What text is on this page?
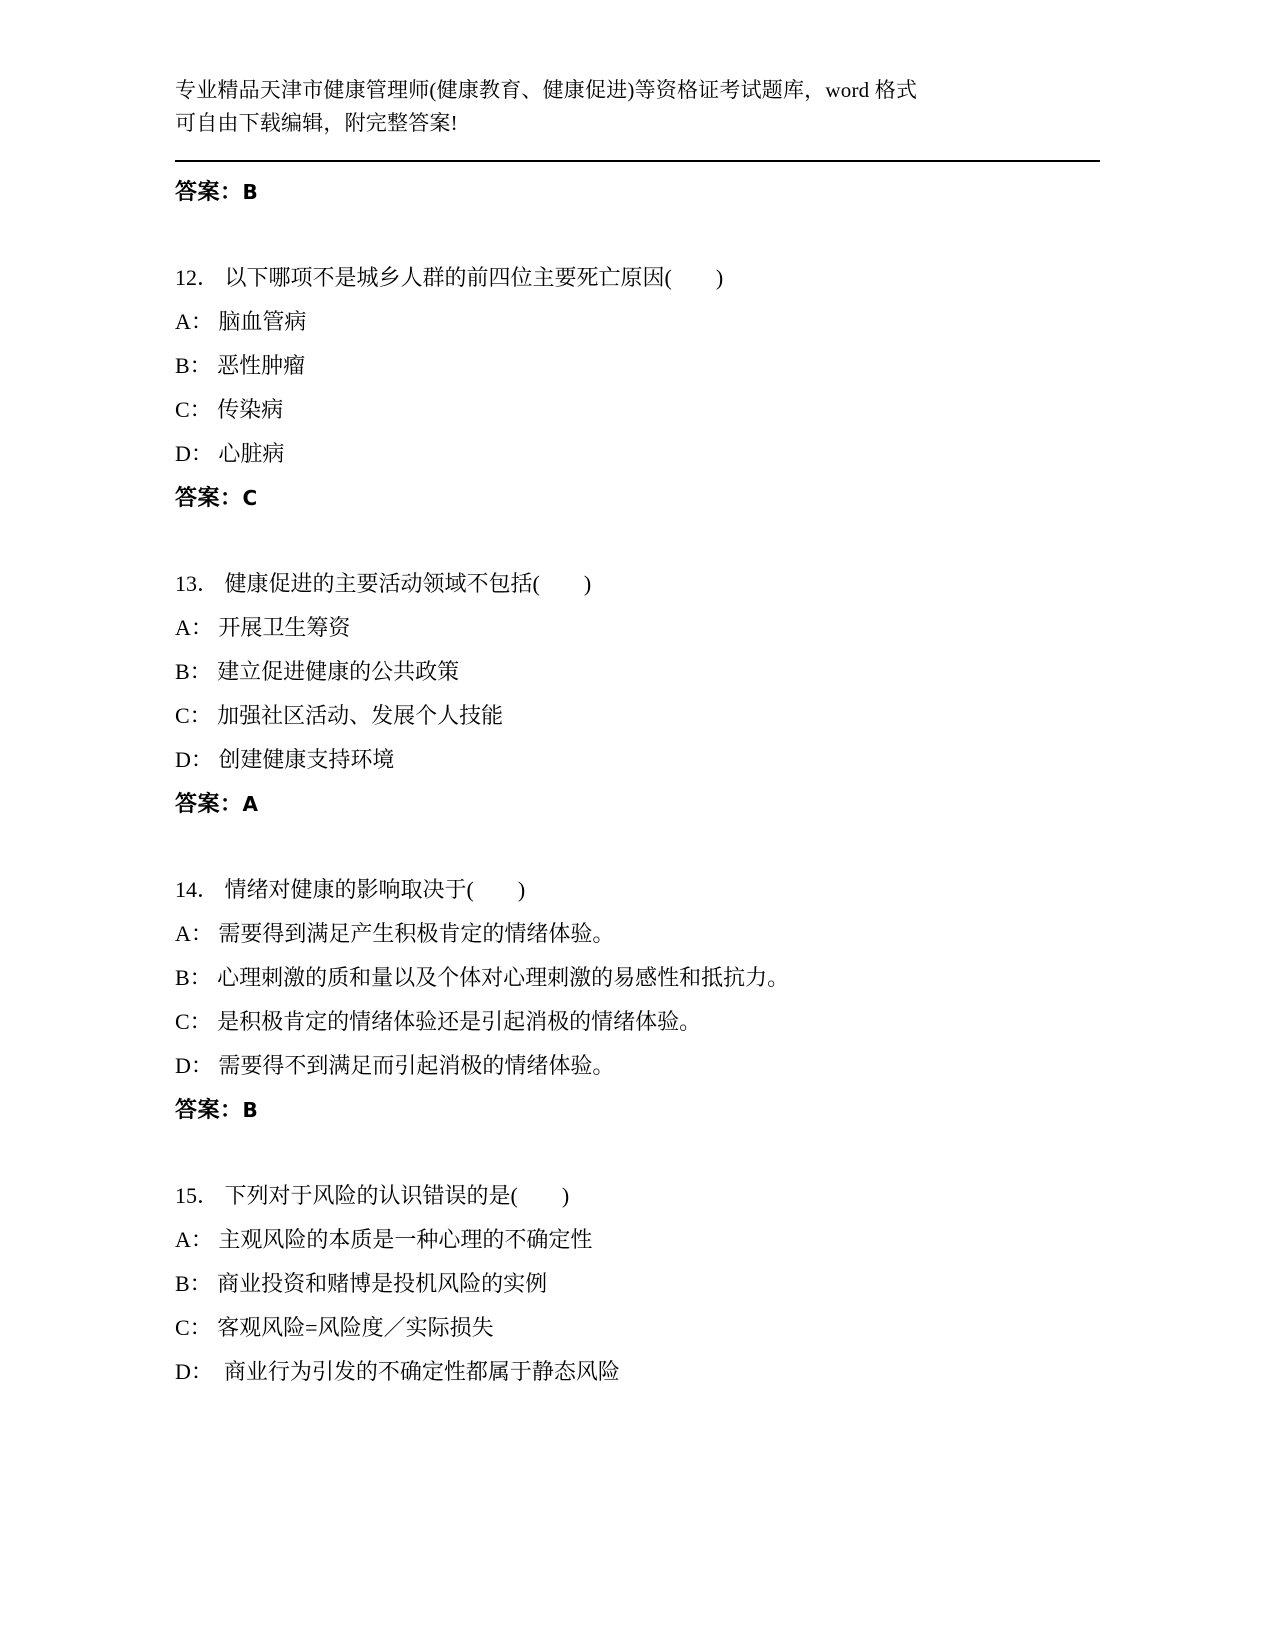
专业精品天津市健康管理师(健康教育、健康促进)等资格证考试题库，word 格式
可自由下载编辑，附完整答案!

答案：B

12． 以下哪项不是城乡人群的前四位主要死亡原因(        )

A： 脑血管病

B： 恶性肿瘤

C： 传染病

D： 心脏病

答案：C

13． 健康促进的主要活动领域不包括(        )

A： 开展卫生筹资

B： 建立促进健康的公共政策

C： 加强社区活动、发展个人技能

D： 创建健康支持环境

答案：A

14． 情绪对健康的影响取决于(        )

A： 需要得到满足产生积极肯定的情绪体验。

B： 心理刺激的质和量以及个体对心理刺激的易感性和抵抗力。

C： 是积极肯定的情绪体验还是引起消极的情绪体验。

D： 需要得不到满足而引起消极的情绪体验。

答案：B

15． 下列对于风险的认识错误的是(        )

A： 主观风险的本质是一种心理的不确定性

B： 商业投资和赌博是投机风险的实例

C： 客观风险=风险度／实际损失

D：  商业行为引发的不确定性都属于静态风险
